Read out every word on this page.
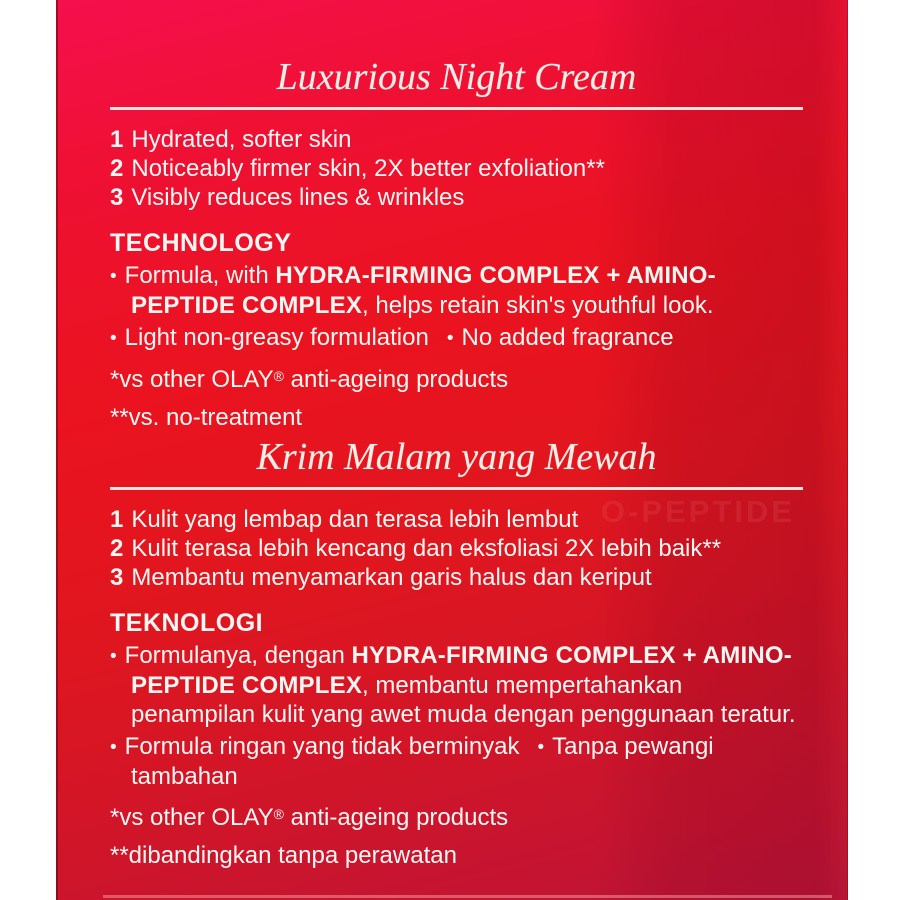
O-PEPTIDE
Luxurious Night Cream
1 Hydrated, softer skin
2 Noticeably firmer skin, 2X better exfoliation**
3 Visibly reduces lines & wrinkles
TECHNOLOGY
• Formula, with HYDRA-FIRMING COMPLEX + AMINO-PEPTIDE COMPLEX, helps retain skin's youthful look.
• Light non-greasy formulation • No added fragrance
*vs other OLAY® anti-ageing products
**vs. no-treatment
Krim Malam yang Mewah
1 Kulit yang lembap dan terasa lebih lembut
2 Kulit terasa lebih kencang dan eksfoliasi 2X lebih baik**
3 Membantu menyamarkan garis halus dan keriput
TEKNOLOGI
• Formulanya, dengan HYDRA-FIRMING COMPLEX + AMINO-PEPTIDE COMPLEX, membantu mempertahankan penampilan kulit yang awet muda dengan penggunaan teratur.
• Formula ringan yang tidak berminyak • Tanpa pewangi tambahan
*vs other OLAY® anti-ageing products
**dibandingkan tanpa perawatan
